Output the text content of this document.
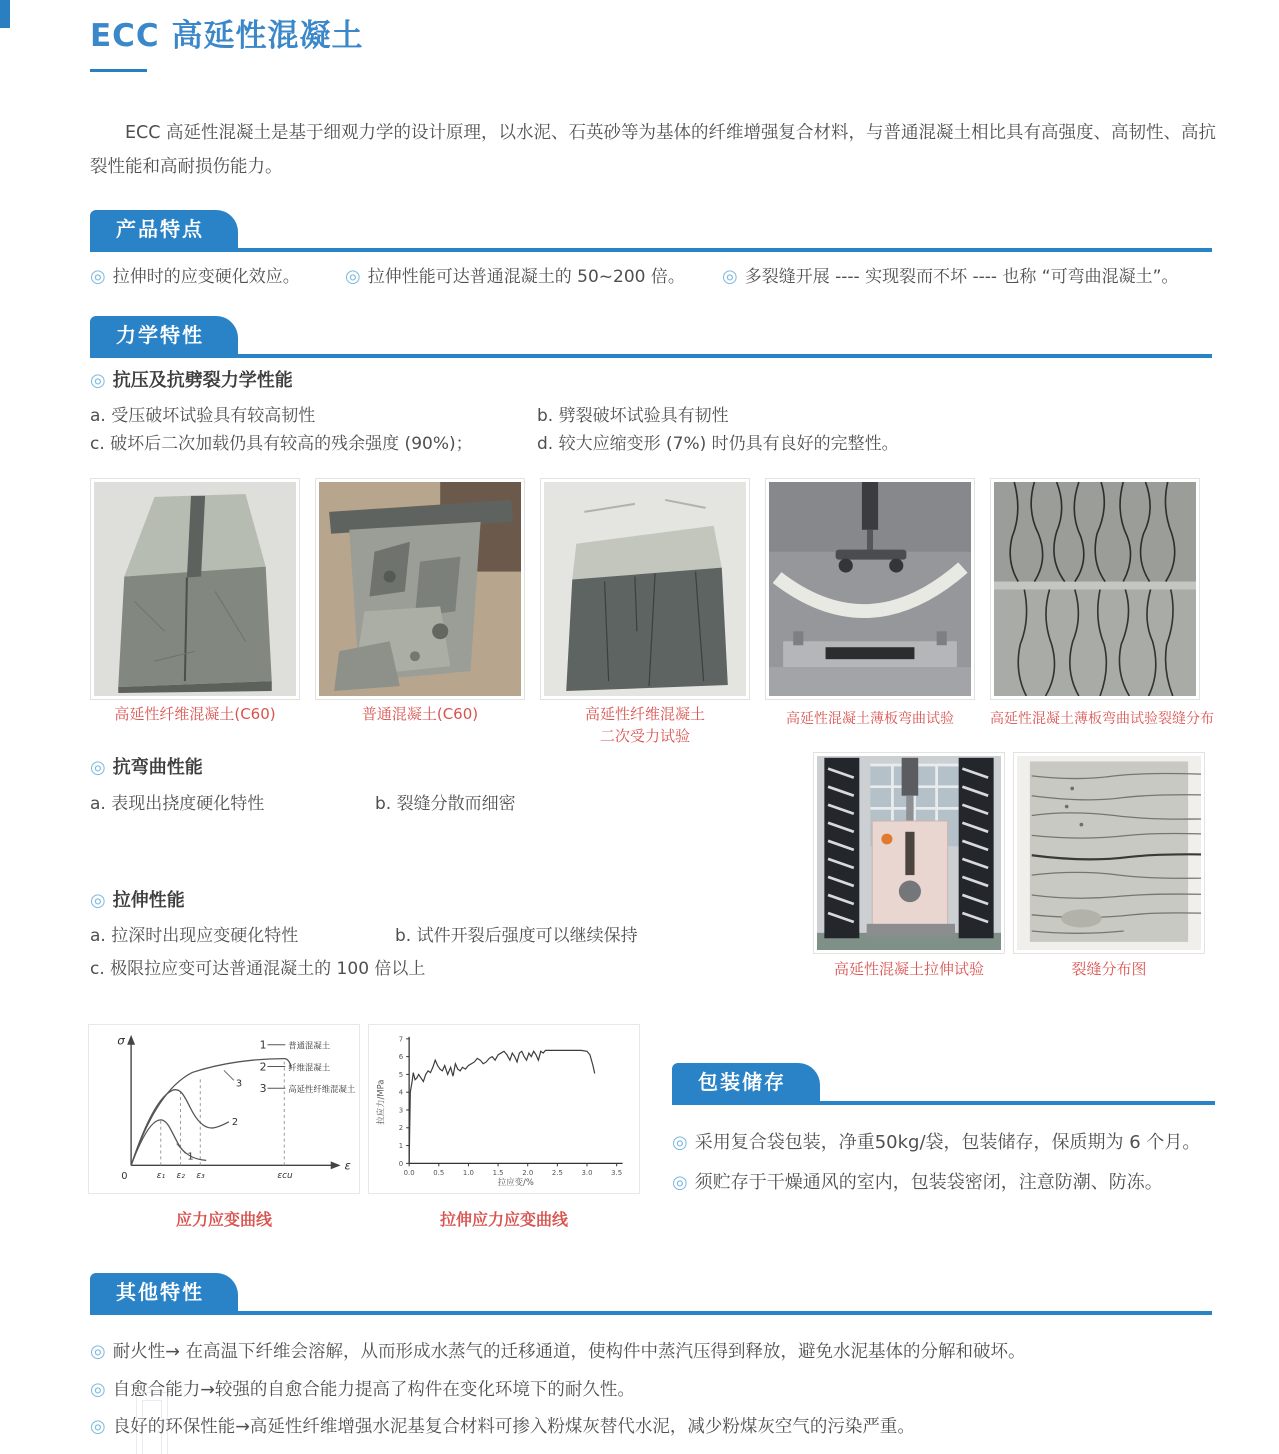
ECC 高延性混凝土
ECC 高延性混凝土是基于细观力学的设计原理，以水泥、石英砂等为基体的纤维增强复合材料，与普通混凝土相比具有高强度、高韧性、高抗裂性能和高耐损伤能力。
产品特点
◎ 拉伸时的应变硬化效应。	◎ 拉伸性能可达普通混凝土的 50~200 倍。 ◎ 多裂缝开展 ---- 实现裂而不坏 ---- 也称 “可弯曲混凝土”。
力学特性
◎ 抗压及抗劈裂力学性能
a. 受压破坏试验具有较高韧性	b. 劈裂破坏试验具有韧性
c. 破坏后二次加载仍具有较高的残余强度 (90%)；	d. 较大应缩变形 (7%) 时仍具有良好的完整性。
高延性纤维混凝土(C60)	普通混凝土(C60)	高延性纤维混凝土
二次受力试验
高延性混凝土薄板弯曲试验	高延性混凝土薄板弯曲试验裂缝分布
◎ 抗弯曲性能
a. 表现出挠度硬化特性	b. 裂缝分散而细密
高延性混凝土拉伸试验	裂缝分布图
◎ 拉伸性能
a. 拉深时出现应变硬化特性	b. 试件开裂后强度可以继续保持
c. 极限拉应变可达普通混凝土的 100 倍以上
σ
ε
0	ε₁ ε₂ ε₃	εcu
1
2
3
1	普通混凝土
2	纤维混凝土
3	高延性纤维混凝土
应力应变曲线
0.0	0.5	1.0	1.5	2.0	2.5	3.0	3.5
0
1
2
3
4
5
6
7
拉应变/%
拉应力/MPa
拉伸应力应变曲线
包装储存
◎ 采用复合袋包装，净重50kg/袋，包装储存，保质期为 6 个月。
◎ 须贮存于干燥通风的室内，包装袋密闭，注意防潮、防冻。
其他特性
◎ 耐火性→ 在高温下纤维会溶解，从而形成水蒸气的迁移通道，使构件中蒸汽压得到释放，避免水泥基体的分解和破坏。
◎ 自愈合能力→较强的自愈合能力提高了构件在变化环境下的耐久性。
◎ 良好的环保性能→高延性纤维增强水泥基复合材料可掺入粉煤灰替代水泥，减少粉煤灰空气的污染严重。
